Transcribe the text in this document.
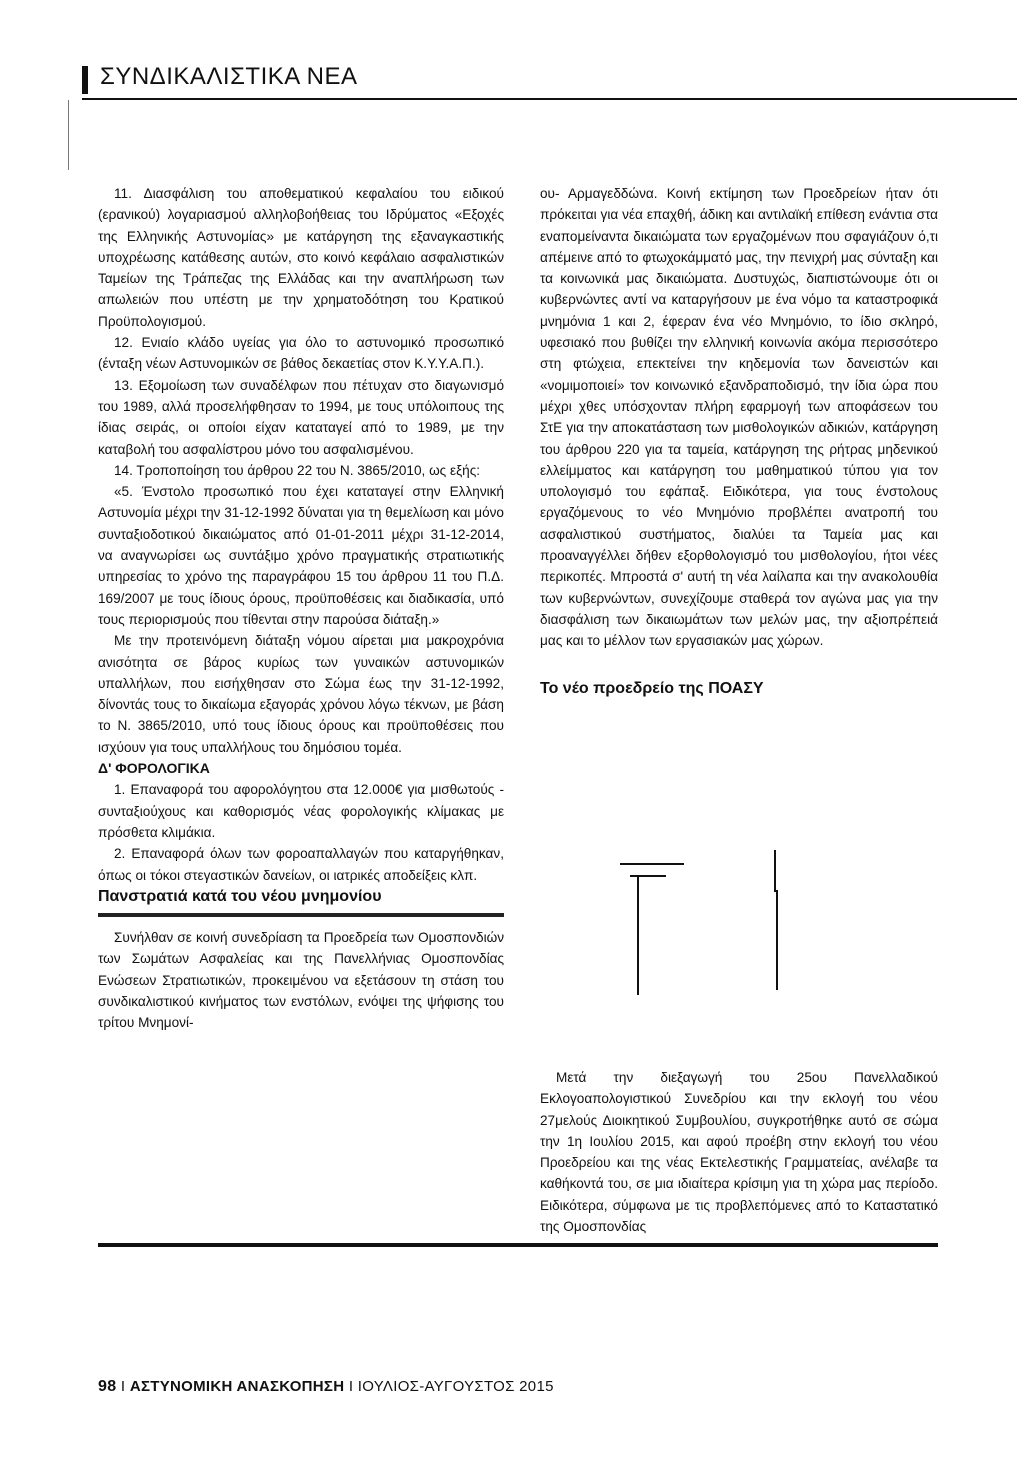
ΣΥΝΔΙΚΑΛΙΣΤΙΚΑ ΝΕΑ

11. Διασφάλιση του αποθεματικού κεφαλαίου του ειδικού (ερανικού) λογαριασμού αλληλοβοήθειας του Ιδρύματος «Εξοχές της Ελληνικής Αστυνομίας» με κατάργηση της εξαναγκαστικής υποχρέωσης κατάθεσης αυτών, στο κοινό κεφάλαιο ασφαλιστικών Ταμείων της Τράπεζας της Ελλάδας και την αναπλήρωση των απωλειών που υπέστη με την χρηματοδότηση του Κρατικού Προϋπολογισμού.

12. Ενιαίο κλάδο υγείας για όλο το αστυνομικό προσωπικό (ένταξη νέων Αστυνομικών σε βάθος δεκαετίας στον Κ.Υ.Υ.Α.Π.).

13. Εξομοίωση των συναδέλφων που πέτυχαν στο διαγωνισμό του 1989, αλλά προσελήφθησαν το 1994, με τους υπόλοιπους της ίδιας σειράς, οι οποίοι είχαν καταταγεί από το 1989, με την καταβολή του ασφαλίστρου μόνο του ασφαλισμένου.

14. Τροποποίηση του άρθρου 22 του Ν. 3865/2010, ως εξής:

«5. Ένστολο προσωπικό που έχει καταταγεί στην Ελληνική Αστυνομία μέχρι την 31-12-1992 δύναται για τη θεμελίωση και μόνο συνταξιοδοτικού δικαιώματος από 01-01-2011 μέχρι 31-12-2014, να αναγνωρίσει ως συντάξιμο χρόνο πραγματικής στρατιωτικής υπηρεσίας το χρόνο της παραγράφου 15 του άρθρου 11 του Π.Δ. 169/2007 με τους ίδιους όρους, προϋποθέσεις και διαδικασία, υπό τους περιορισμούς που τίθενται στην παρούσα διάταξη.»

Με την προτεινόμενη διάταξη νόμου αίρεται μια μακροχρόνια ανισότητα σε βάρος κυρίως των γυναικών αστυνομικών υπαλλήλων, που εισήχθησαν στο Σώμα έως την 31-12-1992, δίνοντάς τους το δικαίωμα εξαγοράς χρόνου λόγω τέκνων, με βάση το Ν. 3865/2010, υπό τους ίδιους όρους και προϋποθέσεις που ισχύουν για τους υπαλλήλους του δημόσιου τομέα.

Δ' ΦΟΡΟΛΟΓΙΚΑ

1. Επαναφορά του αφορολόγητου στα 12.000€ για μισθωτούς - συνταξιούχους και καθορισμός νέας φορολογικής κλίμακας με πρόσθετα κλιμάκια.

2. Επαναφορά όλων των φοροαπαλλαγών που καταργήθηκαν, όπως οι τόκοι στεγαστικών δανείων, οι ιατρικές αποδείξεις κλπ.

Πανστρατιά κατά του νέου μνημονίου

Συνήλθαν σε κοινή συνεδρίαση τα Προεδρεία των Ομοσπονδιών των Σωμάτων Ασφαλείας και της Πανελλήνιας Ομοσπονδίας Ενώσεων Στρατιωτικών, προκειμένου να εξετάσουν τη στάση του συνδικαλιστικού κινήματος των ενστόλων, ενόψει της ψήφισης του τρίτου Μνημονί-

ου- Αρμαγεδδώνα. Κοινή εκτίμηση των Προεδρείων ήταν ότι πρόκειται για νέα επαχθή, άδικη και αντιλαϊκή επίθεση ενάντια στα εναπομείναντα δικαιώματα των εργαζομένων που σφαγιάζουν ό,τι απέμεινε από το φτωχοκάμματό μας, την πενιχρή μας σύνταξη και τα κοινωνικά μας δικαιώματα. Δυστυχώς, διαπιστώνουμε ότι οι κυβερνώντες αντί να καταργήσουν με ένα νόμο τα καταστροφικά μνημόνια 1 και 2, έφεραν ένα νέο Μνημόνιο, το ίδιο σκληρό, υφεσιακό που βυθίζει την ελληνική κοινωνία ακόμα περισσότερο στη φτώχεια, επεκτείνει την κηδεμονία των δανειστών και «νομιμοποιεί» τον κοινωνικό εξανδραποδισμό, την ίδια ώρα που μέχρι χθες υπόσχονταν πλήρη εφαρμογή των αποφάσεων του ΣτΕ για την αποκατάσταση των μισθολογικών αδικιών, κατάργηση του άρθρου 220 για τα ταμεία, κατάργηση της ρήτρας μηδενικού ελλείμματος και κατάργηση του μαθηματικού τύπου για τον υπολογισμό του εφάπαξ. Ειδικότερα, για τους ένστολους εργαζόμενους το νέο Μνημόνιο προβλέπει ανατροπή του ασφαλιστικού συστήματος, διαλύει τα Ταμεία μας και προαναγγέλλει δήθεν εξορθολογισμό του μισθολογίου, ήτοι νέες περικοπές. Μπροστά σ' αυτή τη νέα λαίλαπα και την ανακολουθία των κυβερνώντων, συνεχίζουμε σταθερά τον αγώνα μας για την διασφάλιση των δικαιωμάτων των μελών μας, την αξιοπρέπειά μας και το μέλλον των εργασιακών μας χώρων.

Το νέο προεδρείο της ΠΟΑΣΥ

Μετά την διεξαγωγή του 25ου Πανελλαδικού Εκλογοαπολογιστικού Συνεδρίου και την εκλογή του νέου 27μελούς Διοικητικού Συμβουλίου, συγκροτήθηκε αυτό σε σώμα την 1η Ιουλίου 2015, και αφού προέβη στην εκλογή του νέου Προεδρείου και της νέας Εκτελεστικής Γραμματείας, ανέλαβε τα καθήκοντά του, σε μια ιδιαίτερα κρίσιμη για τη χώρα μας περίοδο. Ειδικότερα, σύμφωνα με τις προβλεπόμενες από το Καταστατικό της Ομοσπονδίας

98 I ΑΣΤΥΝΟΜΙΚΗ ΑΝΑΣΚΟΠΗΣΗ I ΙΟΥΛΙΟΣ-ΑΥΓΟΥΣΤΟΣ 2015
